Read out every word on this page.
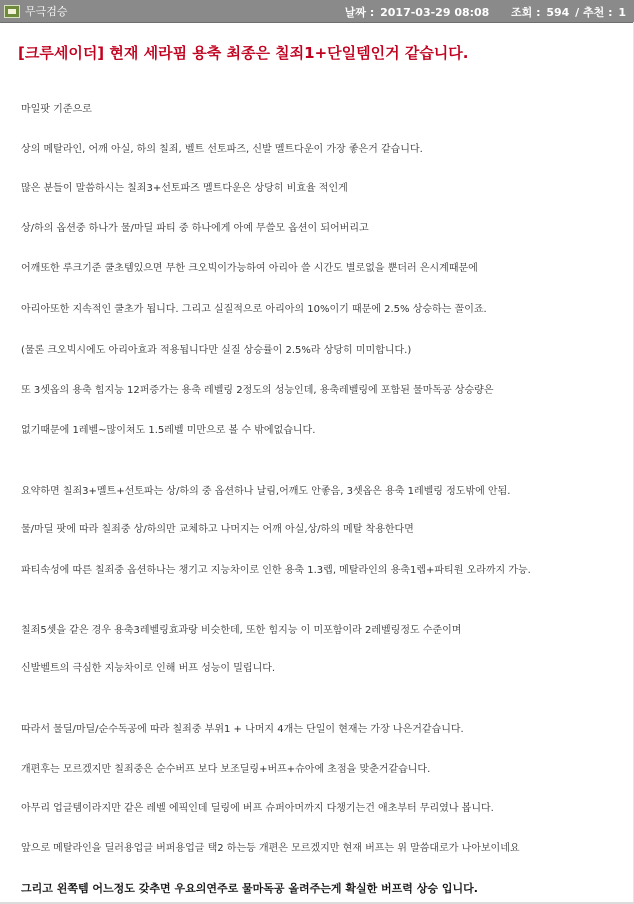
무극검승	날짜 : 2017-03-29 08:08 조회 : 594 / 추천 : 1
[크루세이더] 현재 세라핌 용축 최종은 칠죄1+단일템인거 같습니다.
마일팟 기준으로
상의 메탈라인, 어깨 아실, 하의 칠죄, 벨트 선토파즈, 신발 멜트다운이 가장 좋은거 같습니다.
많은 분들이 말씀하시는 칠죄3+선토파즈 멜트다운은 상당히 비효율 적인게
상/하의 옵션중 하나가 물/마딜 파티 중 하나에게 아예 무쓸모 옵션이 되어버리고
어깨또한 루크기준 쿨초템있으면 무한 크오빅이가능하여 아리아 쓸 시간도 별로없을 뿐더러 은시계때문에
아리아또한 지속적인 쿨초가 됩니다. 그리고 실질적으로 아리아의 10%이기 때문에 2.5% 상승하는 꼴이죠.
(물론 크오빅시에도 아리아효과 적용됩니다만 실질 상승률이 2.5%라 상당히 미미합니다.)
또 3셋옵의 용축 힘지능 12퍼증가는 용축 레벨링 2정도의 성능인데, 용축레벨링에 포함된 물마독공 상승량은
없기때문에 1레벨~많이쳐도 1.5레벨 미만으로 볼 수 밖에없습니다.
요약하면 칠죄3+멜트+선토파는 상/하의 중 옵션하나 날림,어깨도 안좋음, 3셋옵은 용축 1레벨링 정도밖에 안됨.
물/마딜 팟에 따라 칠죄중 상/하의만 교체하고 나머지는 어깨 아실,상/하의 메탈 착용한다면
파티속성에 따른 칠죄중 옵션하나는 챙기고 지능차이로 인한 용축 1.3렙, 메탈라인의 용축1렙+파티원 오라까지 가능.
칠죄5셋을 같은 경우 용축3레벨링효과랑 비슷한데, 또한 힘지능 이 미포함이라 2레벨링정도 수준이며
신발벨트의 극심한 지능차이로 인해 버프 성능이 밀립니다.
따라서 물딜/마딜/순수독공에 따라 칠죄중 부위1 + 나머지 4개는 단일이 현재는 가장 나은거같습니다.
개편후는 모르겠지만 칠죄중은 순수버프 보다 보조딜링+버프+슈아에 초점을 맞춘거같습니다.
아무리 업글템이라지만 같은 레벨 에픽인데 딜링에 버프 슈퍼아머까지 다챙기는건 애초부터 무리였나 봅니다.
앞으로 메탈라인을 딜러용업글 버퍼용업글 택2 하는등 개편은 모르겠지만 현재 버프는 위 말씀대로가 나아보이네요
그리고 왼쪽템 어느정도 갖추면 우요의연주로 물마독공 올려주는게 확실한 버프력 상승 입니다.
